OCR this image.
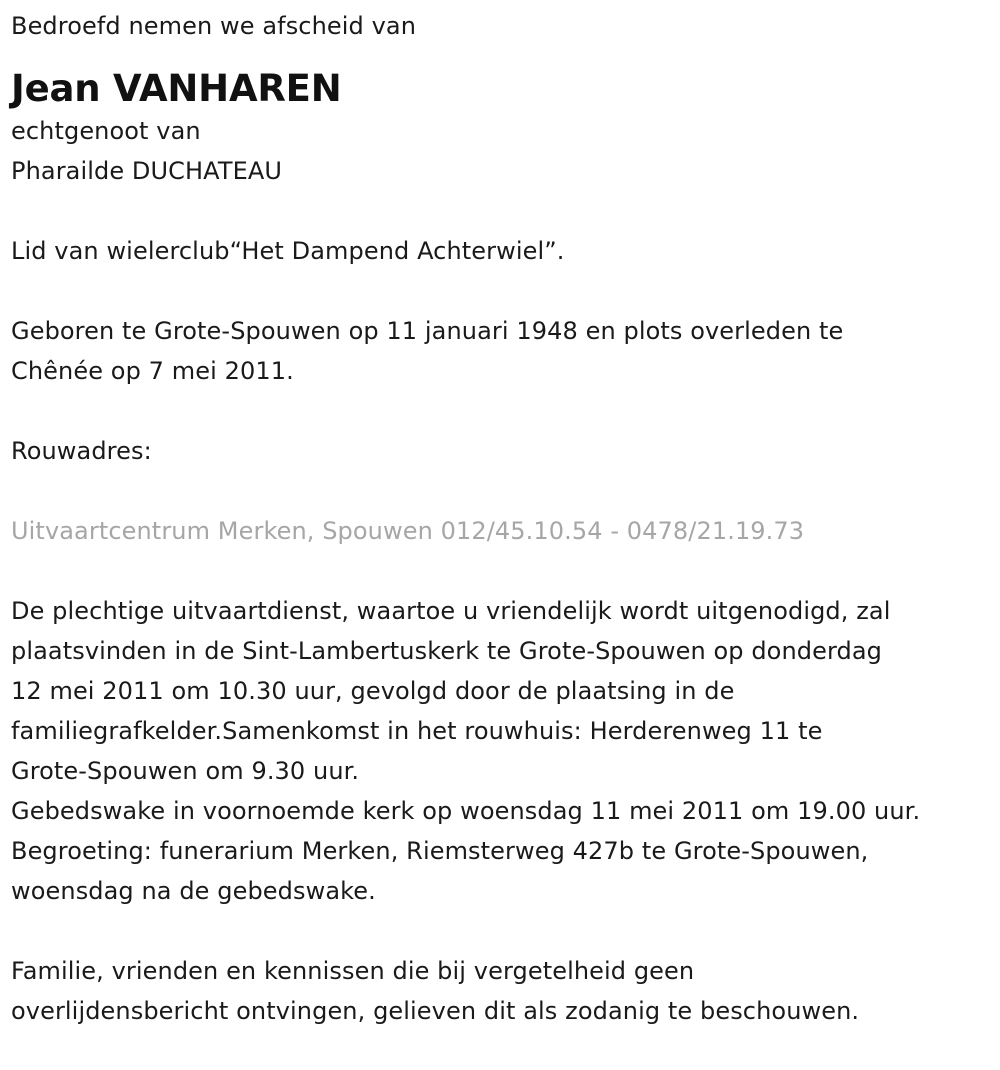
Bedroefd nemen we afscheid van
Jean VANHAREN
echtgenoot van
Pharailde DUCHATEAU
Lid van wielerclub“Het Dampend Achterwiel”.
Geboren te Grote-Spouwen op 11 januari 1948 en plots overleden te
Chênée op 7 mei 2011.
Rouwadres:
Uitvaartcentrum Merken, Spouwen 012/45.10.54 - 0478/21.19.73
De plechtige uitvaartdienst, waartoe u vriendelijk wordt uitgenodigd, zal
plaatsvinden in de Sint-Lambertuskerk te Grote-Spouwen op donderdag
12 mei 2011 om 10.30 uur, gevolgd door de plaatsing in de
familiegrafkelder.Samenkomst in het rouwhuis: Herderenweg 11 te
Grote-Spouwen om 9.30 uur.
Gebedswake in voornoemde kerk op woensdag 11 mei 2011 om 19.00 uur.
Begroeting: funerarium Merken, Riemsterweg 427b te Grote-Spouwen,
woensdag na de gebedswake.
Familie, vrienden en kennissen die bij vergetelheid geen
overlijdensbericht ontvingen, gelieven dit als zodanig te beschouwen.
